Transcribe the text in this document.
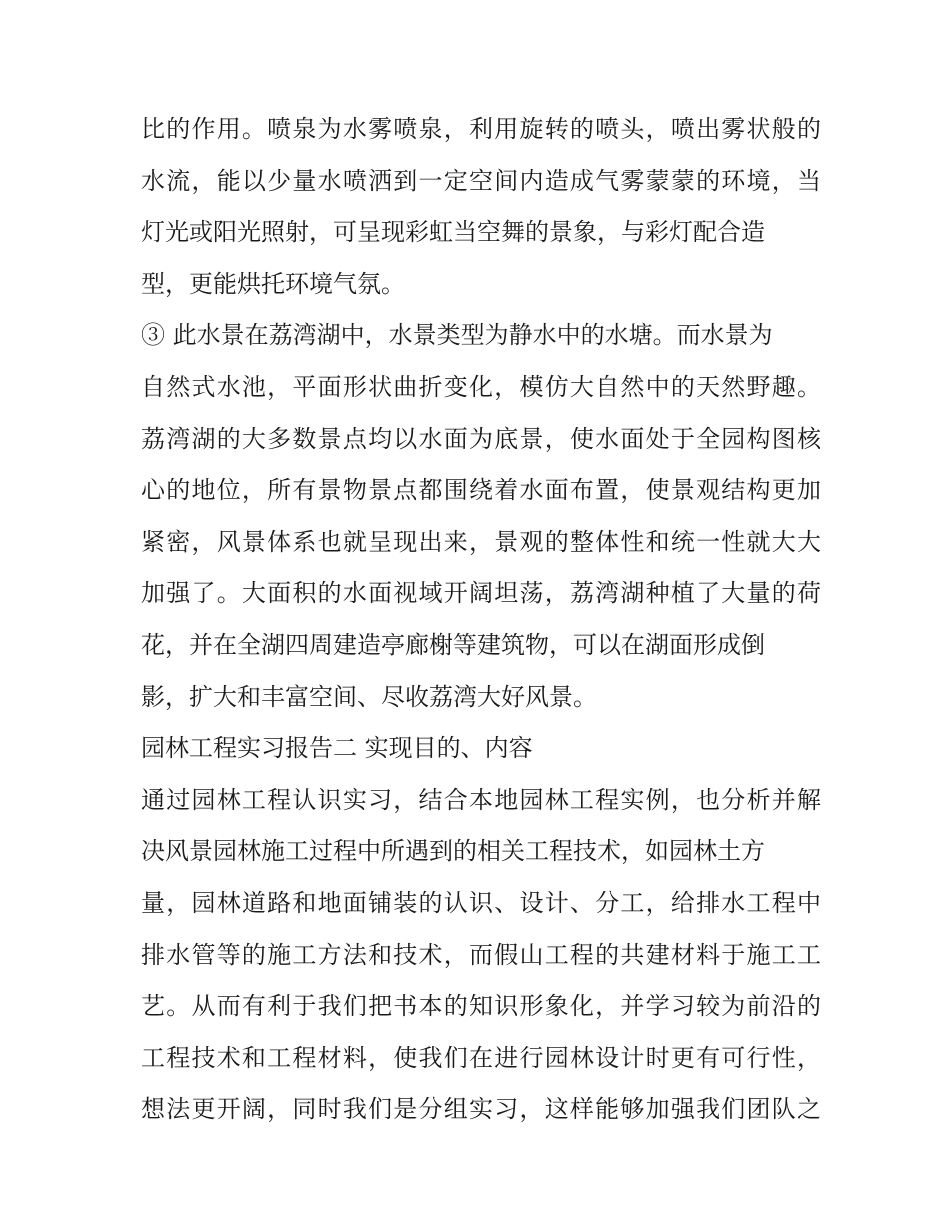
比的作用。喷泉为水雾喷泉，利用旋转的喷头，喷出雾状般的
水流，能以少量水喷洒到一定空间内造成气雾蒙蒙的环境，当
灯光或阳光照射，可呈现彩虹当空舞的景象，与彩灯配合造
型，更能烘托环境气氛。
③ 此水景在荔湾湖中，水景类型为静水中的水塘。而水景为
自然式水池，平面形状曲折变化，模仿大自然中的天然野趣。
荔湾湖的大多数景点均以水面为底景，使水面处于全园构图核
心的地位，所有景物景点都围绕着水面布置，使景观结构更加
紧密，风景体系也就呈现出来，景观的整体性和统一性就大大
加强了。大面积的水面视域开阔坦荡，荔湾湖种植了大量的荷
花，并在全湖四周建造亭廊榭等建筑物，可以在湖面形成倒
影，扩大和丰富空间、尽收荔湾大好风景。
园林工程实习报告二 实现目的、内容
通过园林工程认识实习，结合本地园林工程实例，也分析并解
决风景园林施工过程中所遇到的相关工程技术，如园林土方
量，园林道路和地面铺装的认识、设计、分工，给排水工程中
排水管等的施工方法和技术，而假山工程的共建材料于施工工
艺。从而有利于我们把书本的知识形象化，并学习较为前沿的
工程技术和工程材料，使我们在进行园林设计时更有可行性，
想法更开阔，同时我们是分组实习，这样能够加强我们团队之
